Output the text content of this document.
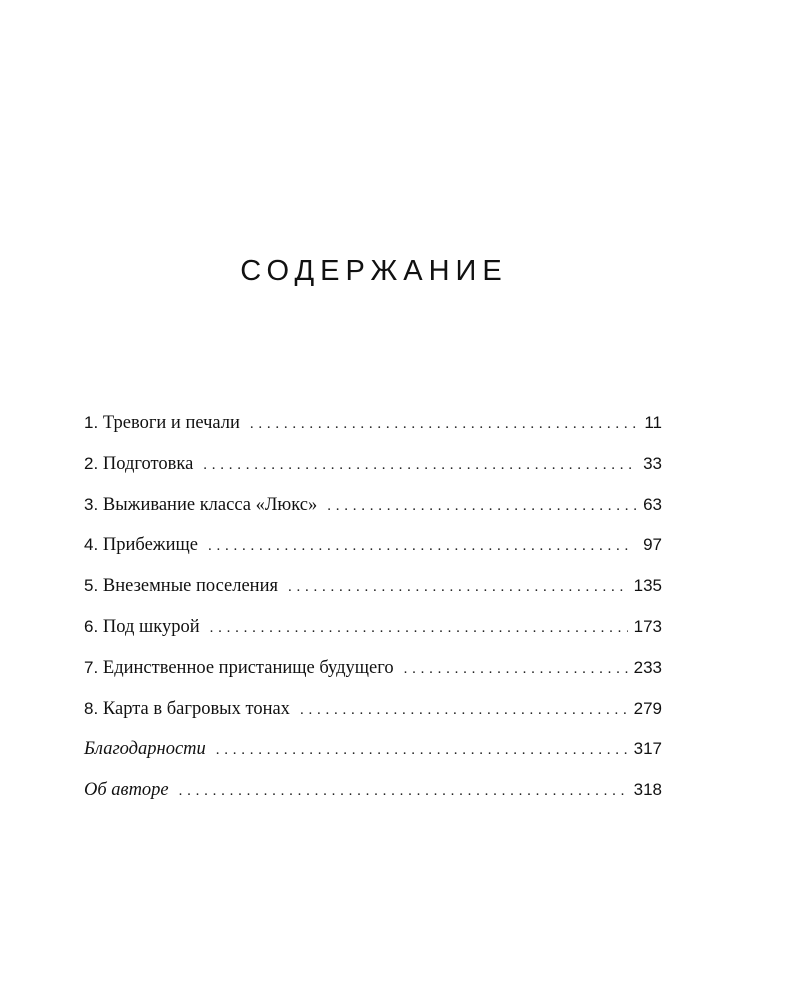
СОДЕРЖАНИЕ
1. Тревоги и печали . . .	11
2. Подготовка . . .	33
3. Выживание класса «Люкс» . . .	63
4. Прибежище . . .	97
5. Внеземные поселения . . .	135
6. Под шкурой . . .	173
7. Единственное пристанище будущего . . .	233
8. Карта в багровых тонах . . .	279
Благодарности . . .	317
Об авторе . . .	318
